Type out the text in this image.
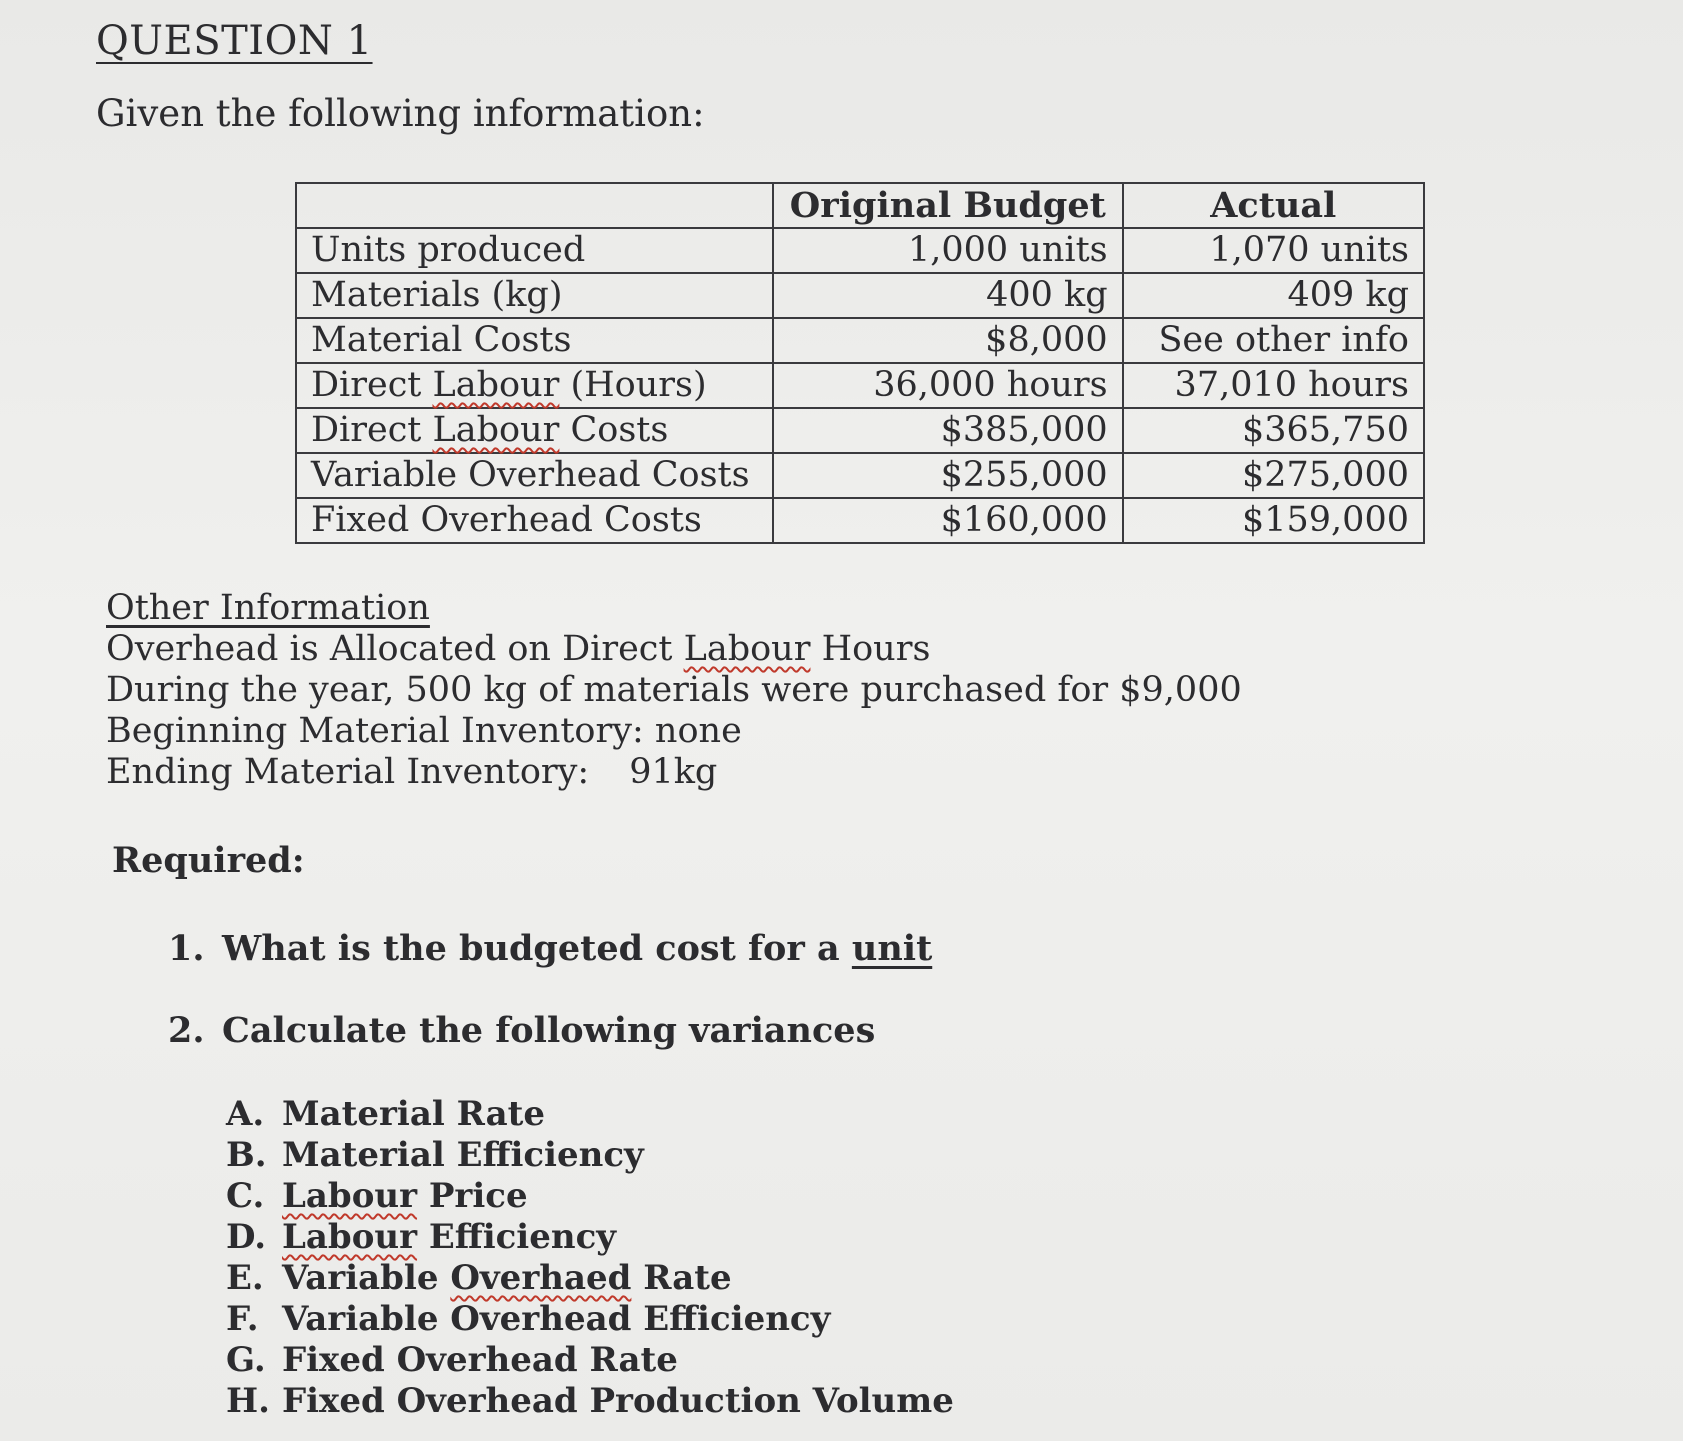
QUESTION 1
Given the following information:
	Original Budget	Actual
Units produced	1,000 units	1,070 units
Materials (kg)	400 kg	409 kg
Material Costs	$8,000	See other info
Direct Labour (Hours)	36,000 hours	37,010 hours
Direct Labour Costs	$385,000	$365,750
Variable Overhead Costs	$255,000	$275,000
Fixed Overhead Costs	$160,000	$159,000
Other Information
Overhead is Allocated on Direct Labour Hours
During the year, 500 kg of materials were purchased for $9,000
Beginning Material Inventory: none
Ending Material Inventory: 91kg
Required:
1. What is the budgeted cost for a unit
2. Calculate the following variances
A. Material Rate
B. Material Efficiency
C. Labour Price
D. Labour Efficiency
E. Variable Overhaed Rate
F. Variable Overhead Efficiency
G. Fixed Overhead Rate
H. Fixed Overhead Production Volume
